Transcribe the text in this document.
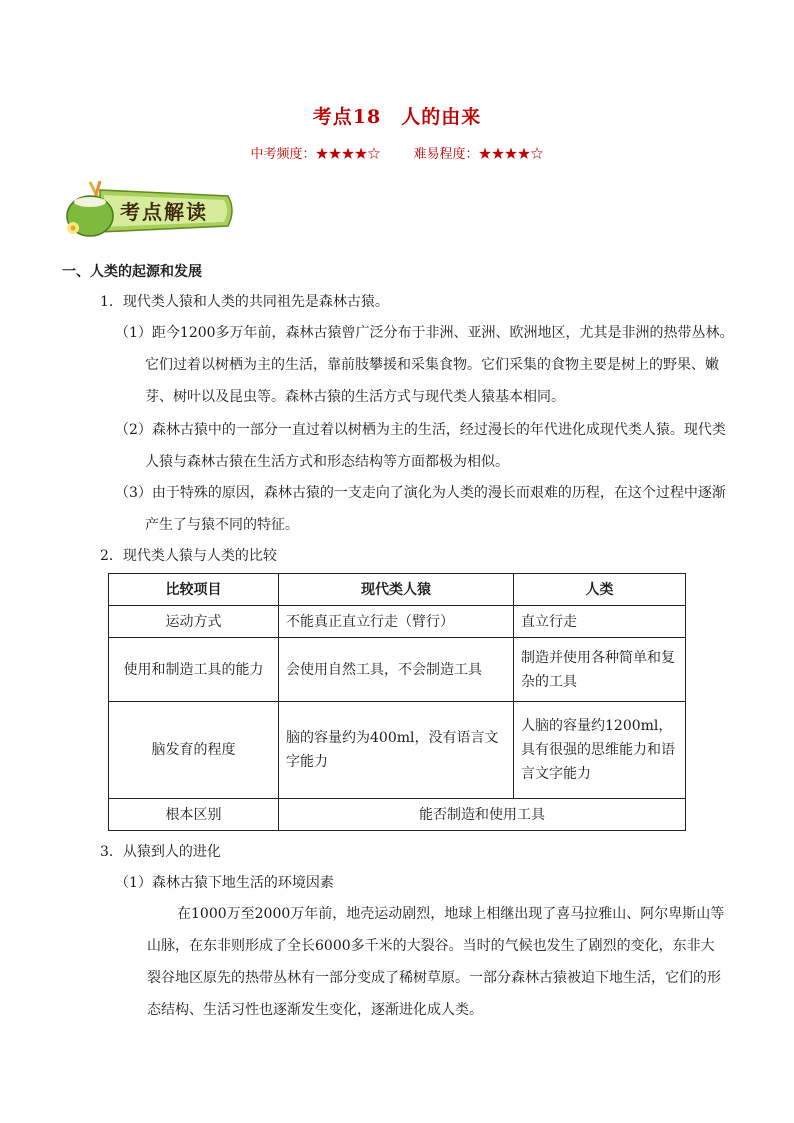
考点18　人的由来
中考频度：★★★★☆	难易程度：★★★★☆
考点解读
一、人类的起源和发展
1．现代类人猿和人类的共同祖先是森林古猿。

（1）距今1200多万年前，森林古猿曾广泛分布于非洲、亚洲、欧洲地区，尤其是非洲的热带丛林。

它们过着以树栖为主的生活，靠前肢攀援和采集食物。它们采集的食物主要是树上的野果、嫩

芽、树叶以及昆虫等。森林古猿的生活方式与现代类人猿基本相同。

（2）森林古猿中的一部分一直过着以树栖为主的生活，经过漫长的年代进化成现代类人猿。现代类

人猿与森林古猿在生活方式和形态结构等方面都极为相似。

（3）由于特殊的原因，森林古猿的一支走向了演化为人类的漫长而艰难的历程，在这个过程中逐渐

产生了与猿不同的特征。

2．现代类人猿与人类的比较
比较项目	现代类人猿	人类
运动方式	不能真正直立行走（臂行）	直立行走
使用和制造工具的能力	会使用自然工具，不会制造工具	制造并使用各种简单和复杂的工具
脑发育的程度	脑的容量约为400ml，没有语言文字能力	人脑的容量约1200ml，具有很强的思维能力和语言文字能力
根本区别	能否制造和使用工具	
3．从猿到人的进化
（1）森林古猿下地生活的环境因素

在1000万至2000万年前，地壳运动剧烈，地球上相继出现了喜马拉雅山、阿尔卑斯山等

山脉，在东非则形成了全长6000多千米的大裂谷。当时的气候也发生了剧烈的变化，东非大

裂谷地区原先的热带丛林有一部分变成了稀树草原。一部分森林古猿被迫下地生活，它们的形

态结构、生活习性也逐渐发生变化，逐渐进化成人类。
